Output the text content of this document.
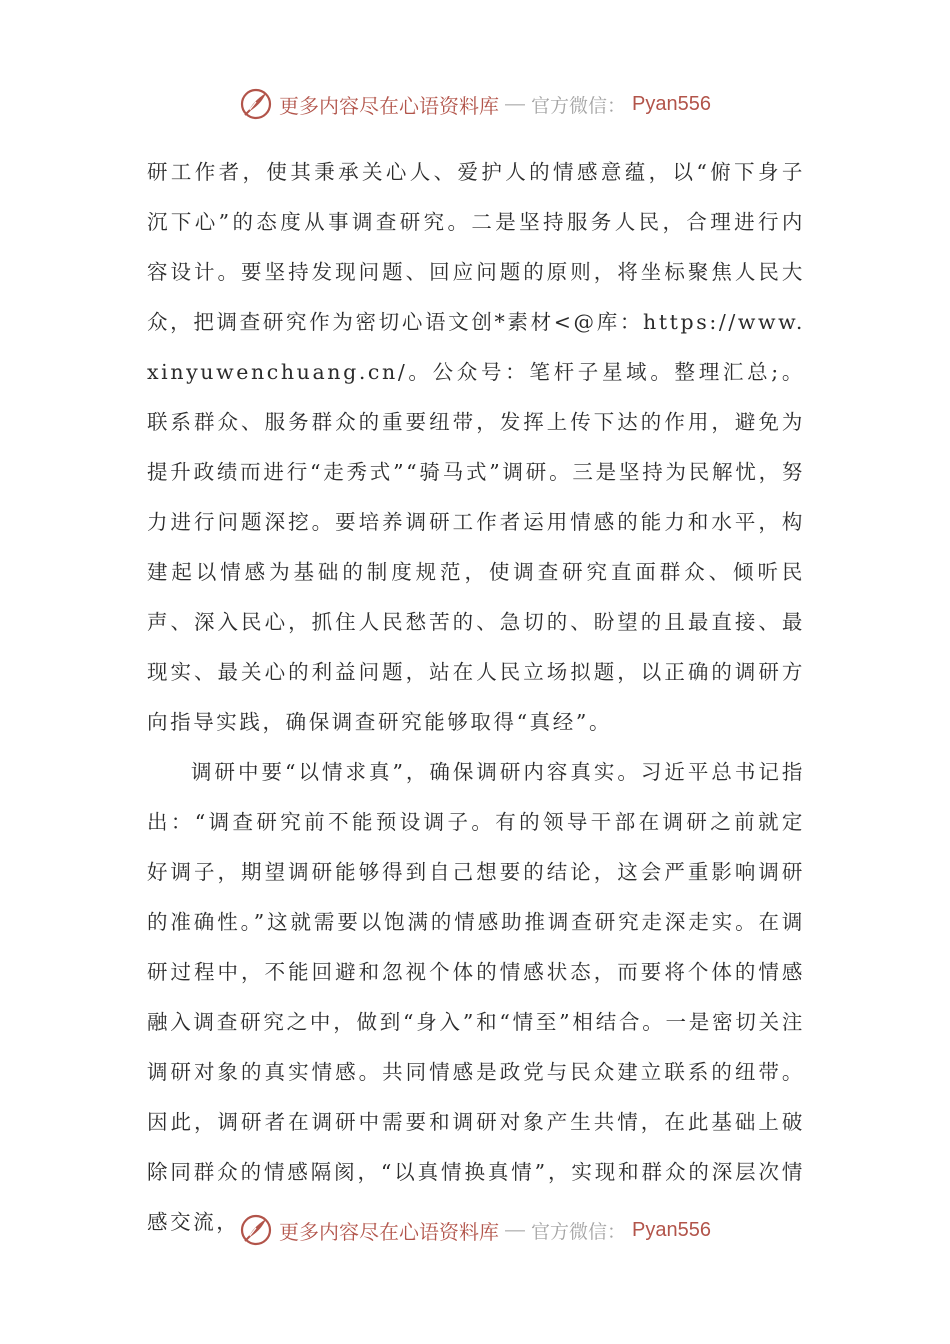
更多内容尽在心语资料库 — 官方微信： Pyan556

研工作者，使其秉承关心人、爱护人的情感意蕴，以“俯下身子沉下心”的态度从事调查研究。二是坚持服务人民，合理进行内容设计。要坚持发现问题、回应问题的原则，将坐标聚焦人民大众，把调查研究作为密切心语文创*素材<@库：https://www.xinyuwenchuang.cn/。公众号：笔杆子星域。整理汇总;。联系群众、服务群众的重要纽带，发挥上传下达的作用，避免为提升政绩而进行“走秀式”“骑马式”调研。三是坚持为民解忧，努力进行问题深挖。要培养调研工作者运用情感的能力和水平，构建起以情感为基础的制度规范，使调查研究直面群众、倾听民声、深入民心，抓住人民愁苦的、急切的、盼望的且最直接、最现实、最关心的利益问题，站在人民立场拟题，以正确的调研方向指导实践，确保调查研究能够取得“真经”。

调研中要“以情求真”，确保调研内容真实。习近平总书记指出：“调查研究前不能预设调子。有的领导干部在调研之前就定好调子，期望调研能够得到自己想要的结论，这会严重影响调研的准确性。”这就需要以饱满的情感助推调查研究走深走实。在调研过程中，不能回避和忽视个体的情感状态，而要将个体的情感融入调查研究之中，做到“身入”和“情至”相结合。一是密切关注调研对象的真实情感。共同情感是政党与民众建立联系的纽带。因此，调研者在调研中需要和调研对象产生共情，在此基础上破除同群众的情感隔阂，“以真情换真情”，实现和群众的深层次情感交流，	更多内容尽在心语资料库 — 官方微信： Pyan556
